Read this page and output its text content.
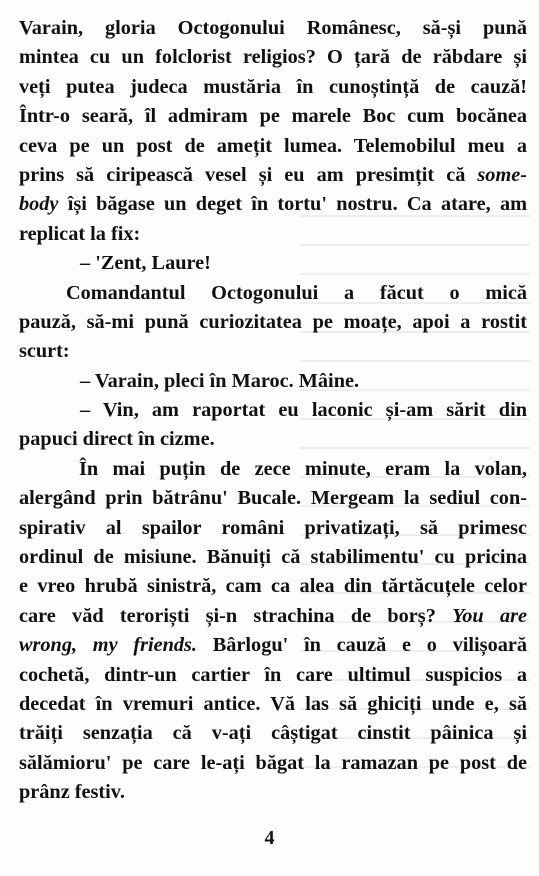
Varain, gloria Octogonului Românesc, să-și pună
mintea cu un folclorist religios? O țară de răbdare și
veți putea judeca mustăria în cunoștință de cauză!
Într-o seară, îl admiram pe marele Boc cum bocănea
ceva pe un post de amețit lumea. Telemobilul meu a
prins să ciripească vesel și eu am presimțit că some-
body își băgase un deget în tortu' nostru. Ca atare, am
replicat la fix:
– 'Zent, Laure!
Comandantul Octogonului a făcut o mică
pauză, să-mi pună curiozitatea pe moațe, apoi a rostit
scurt:
– Varain, pleci în Maroc. Mâine.
– Vin, am raportat eu laconic și-am sărit din
papuci direct în cizme.
În mai puțin de zece minute, eram la volan,
alergând prin bătrânu' Bucale. Mergeam la sediul con-
spirativ al spailor români privatizați, să primesc
ordinul de misiune. Bănuiți că stabilimentu' cu pricina
e vreo hrubă sinistră, cam ca alea din tărtăcuțele celor
care văd teroriști și-n strachina de borș? You are
wrong, my friends. Bârlogu' în cauză e o vilișoară
cochetă, dintr-un cartier în care ultimul suspicios a
decedat în vremuri antice. Vă las să ghiciți unde e, să
trăiți senzația că v-ați câștigat cinstit pâinica și
sălămioru' pe care le-ați băgat la ramazan pe post de
prânz festiv.
4
